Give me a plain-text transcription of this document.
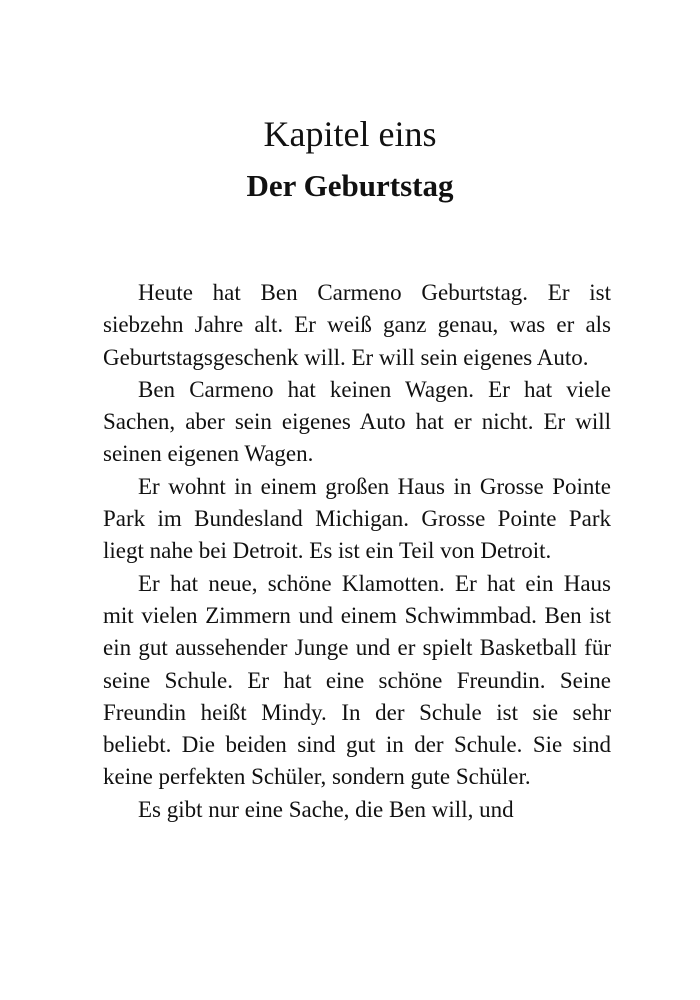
Kapitel eins
Der Geburtstag

Heute hat Ben Carmeno Geburtstag. Er ist siebzehn Jahre alt. Er weiß ganz genau, was er als Geburtstagsgeschenk will. Er will sein eigenes Auto.

Ben Carmeno hat keinen Wagen. Er hat viele Sachen, aber sein eigenes Auto hat er nicht. Er will seinen eigenen Wagen.

Er wohnt in einem großen Haus in Grosse Pointe Park im Bundesland Michigan. Grosse Pointe Park liegt nahe bei Detroit. Es ist ein Teil von Detroit.

Er hat neue, schöne Klamotten. Er hat ein Haus mit vielen Zimmern und einem Schwimmbad. Ben ist ein gut aussehender Junge und er spielt Basketball für seine Schule. Er hat eine schöne Freundin. Seine Freundin heißt Mindy. In der Schule ist sie sehr beliebt. Die beiden sind gut in der Schule. Sie sind keine perfekten Schüler, sondern gute Schüler.

Es gibt nur eine Sache, die Ben will, und
